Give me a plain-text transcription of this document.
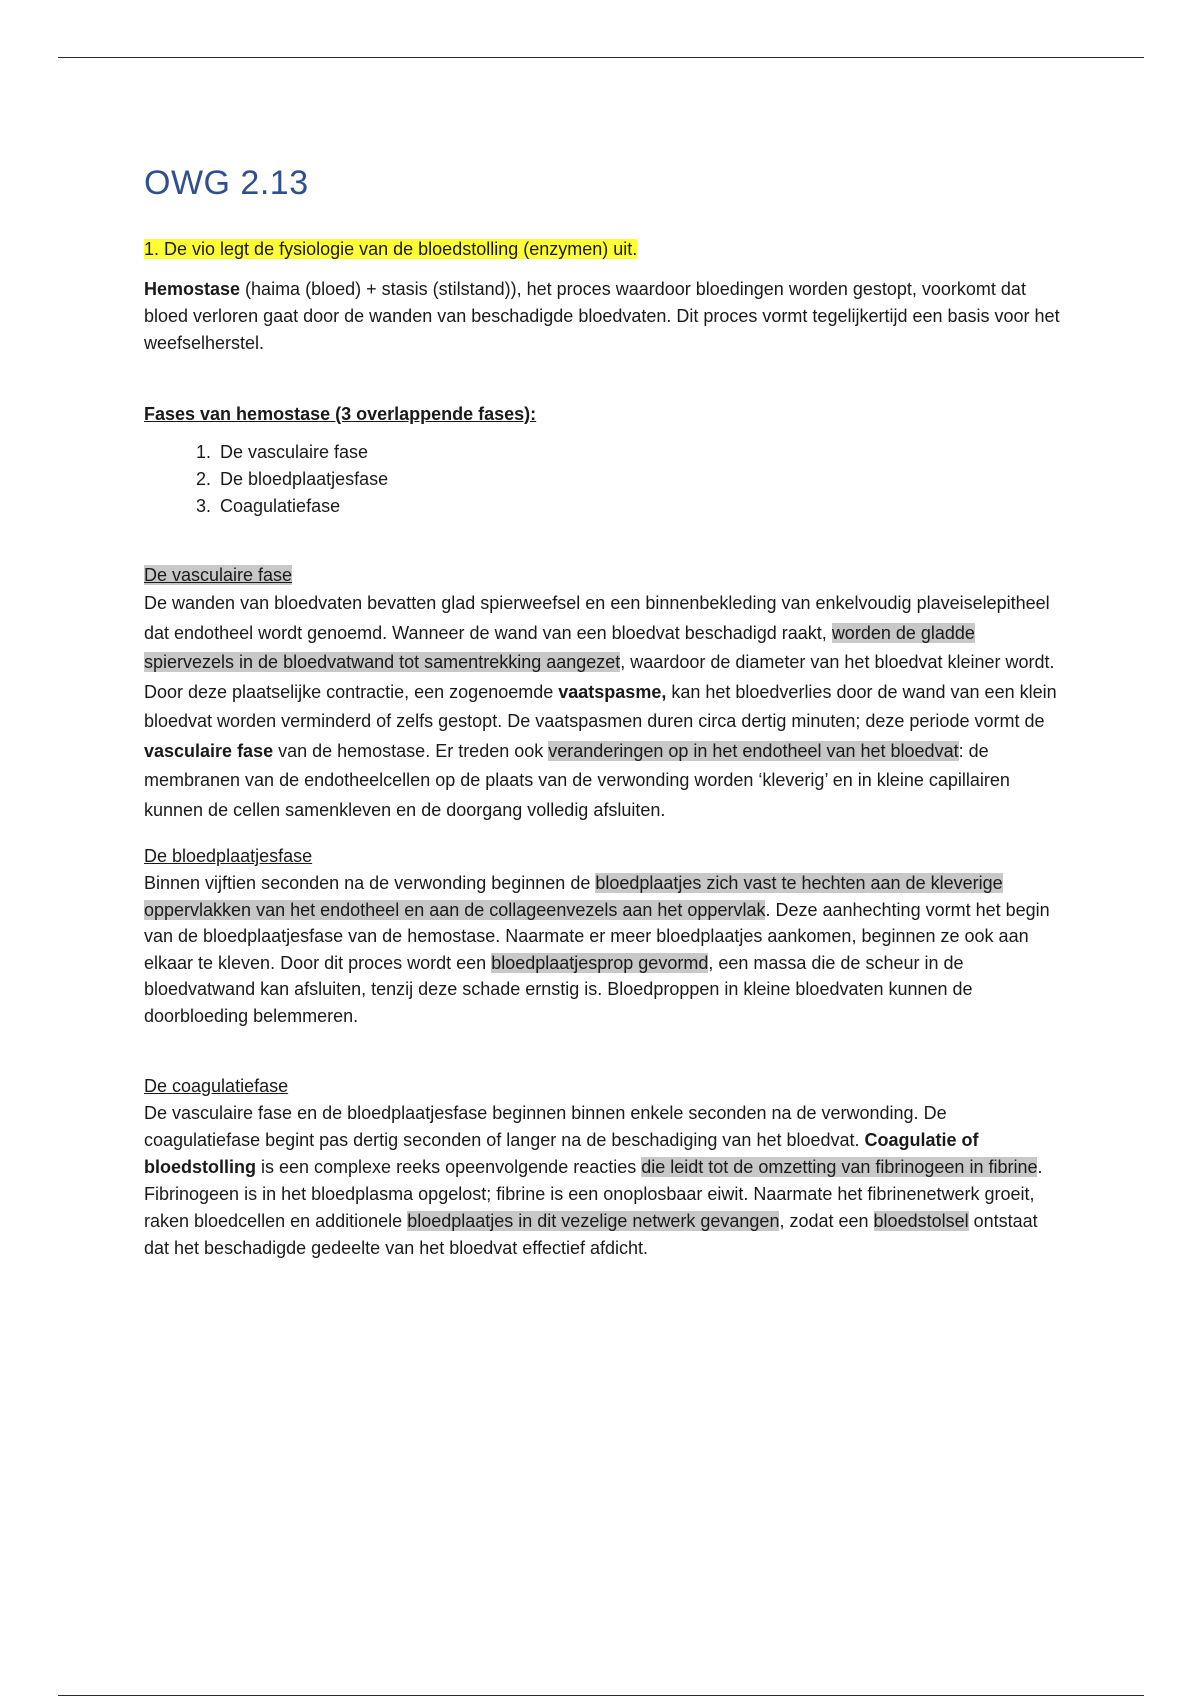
OWG 2.13
1. De vio legt de fysiologie van de bloedstolling (enzymen) uit.

Hemostase (haima (bloed) + stasis (stilstand)), het proces waardoor bloedingen worden gestopt, voorkomt dat bloed verloren gaat door de wanden van beschadigde bloedvaten. Dit proces vormt tegelijkertijd een basis voor het weefselherstel.

Fases van hemostase (3 overlappende fases):
1. De vasculaire fase
2. De bloedplaatjesfase
3. Coagulatiefase
De vasculaire fase

De wanden van bloedvaten bevatten glad spierweefsel en een binnenbekleding van enkelvoudig plaveiselepitheel dat endotheel wordt genoemd. Wanneer de wand van een bloedvat beschadigd raakt, worden de gladde spiervezels in de bloedvatwand tot samentrekking aangezet, waardoor de diameter van het bloedvat kleiner wordt. Door deze plaatselijke contractie, een zogenoemde vaatspasme, kan het bloedverlies door de wand van een klein bloedvat worden verminderd of zelfs gestopt. De vaatspasmen duren circa dertig minuten; deze periode vormt de vasculaire fase van de hemostase. Er treden ook veranderingen op in het endotheel van het bloedvat: de membranen van de endotheelcellen op de plaats van de verwonding worden ‘kleverig’ en in kleine capillairen kunnen de cellen samenkleven en de doorgang volledig afsluiten.

De bloedplaatjesfase

Binnen vijftien seconden na de verwonding beginnen de bloedplaatjes zich vast te hechten aan de kleverige oppervlakken van het endotheel en aan de collageenvezels aan het oppervlak. Deze aanhechting vormt het begin van de bloedplaatjesfase van de hemostase. Naarmate er meer bloedplaatjes aankomen, beginnen ze ook aan elkaar te kleven. Door dit proces wordt een bloedplaatjesprop gevormd, een massa die de scheur in de bloedvatwand kan afsluiten, tenzij deze schade ernstig is. Bloedproppen in kleine bloedvaten kunnen de doorbloeding belemmeren.

De coagulatiefase

De vasculaire fase en de bloedplaatjesfase beginnen binnen enkele seconden na de verwonding. De coagulatiefase begint pas dertig seconden of langer na de beschadiging van het bloedvat. Coagulatie of bloedstolling is een complexe reeks opeenvolgende reacties die leidt tot de omzetting van fibrinogeen in fibrine. Fibrinogeen is in het bloedplasma opgelost; fibrine is een onoplosbaar eiwit. Naarmate het fibrinenetwerk groeit, raken bloedcellen en additionele bloedplaatjes in dit vezelige netwerk gevangen, zodat een bloedstolsel ontstaat dat het beschadigde gedeelte van het bloedvat effectief afdicht.
